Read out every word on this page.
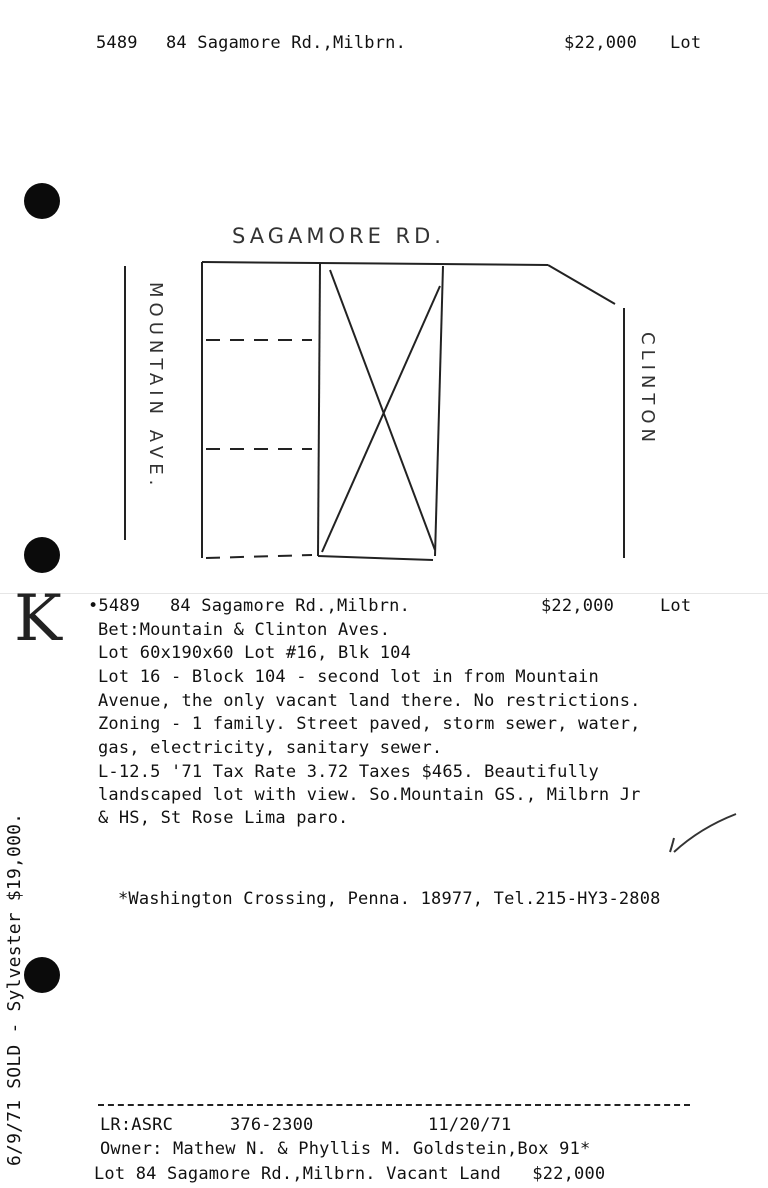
5489 84 Sagamore Rd.,Milbrn.	$22,000 Lot
SAGAMORE RD.
MOUNTAIN AVE.	CLINTON
K •5489 84 Sagamore Rd.,Milbrn.	$22,000	Lot
Bet:Mountain & Clinton Aves.
Lot 60x190x60 Lot #16, Blk 104
Lot 16 - Block 104 - second lot in from Mountain
Avenue, the only vacant land there. No restrictions.
Zoning - 1 family. Street paved, storm sewer, water,
gas, electricity, sanitary sewer.
L-12.5 '71 Tax Rate 3.72 Taxes $465. Beautifully
landscaped lot with view. So.Mountain GS., Milbrn Jr
& HS, St Rose Lima paro.
*Washington Crossing, Penna. 18977, Tel.215-HY3-2808
6/9/71 SOLD - Sylvester $19,000.	LR:ASRC	376-2300	11/20/71
Owner: Mathew N. & Phyllis M. Goldstein,Box 91*
Lot 84 Sagamore Rd.,Milbrn. Vacant Land   $22,000
